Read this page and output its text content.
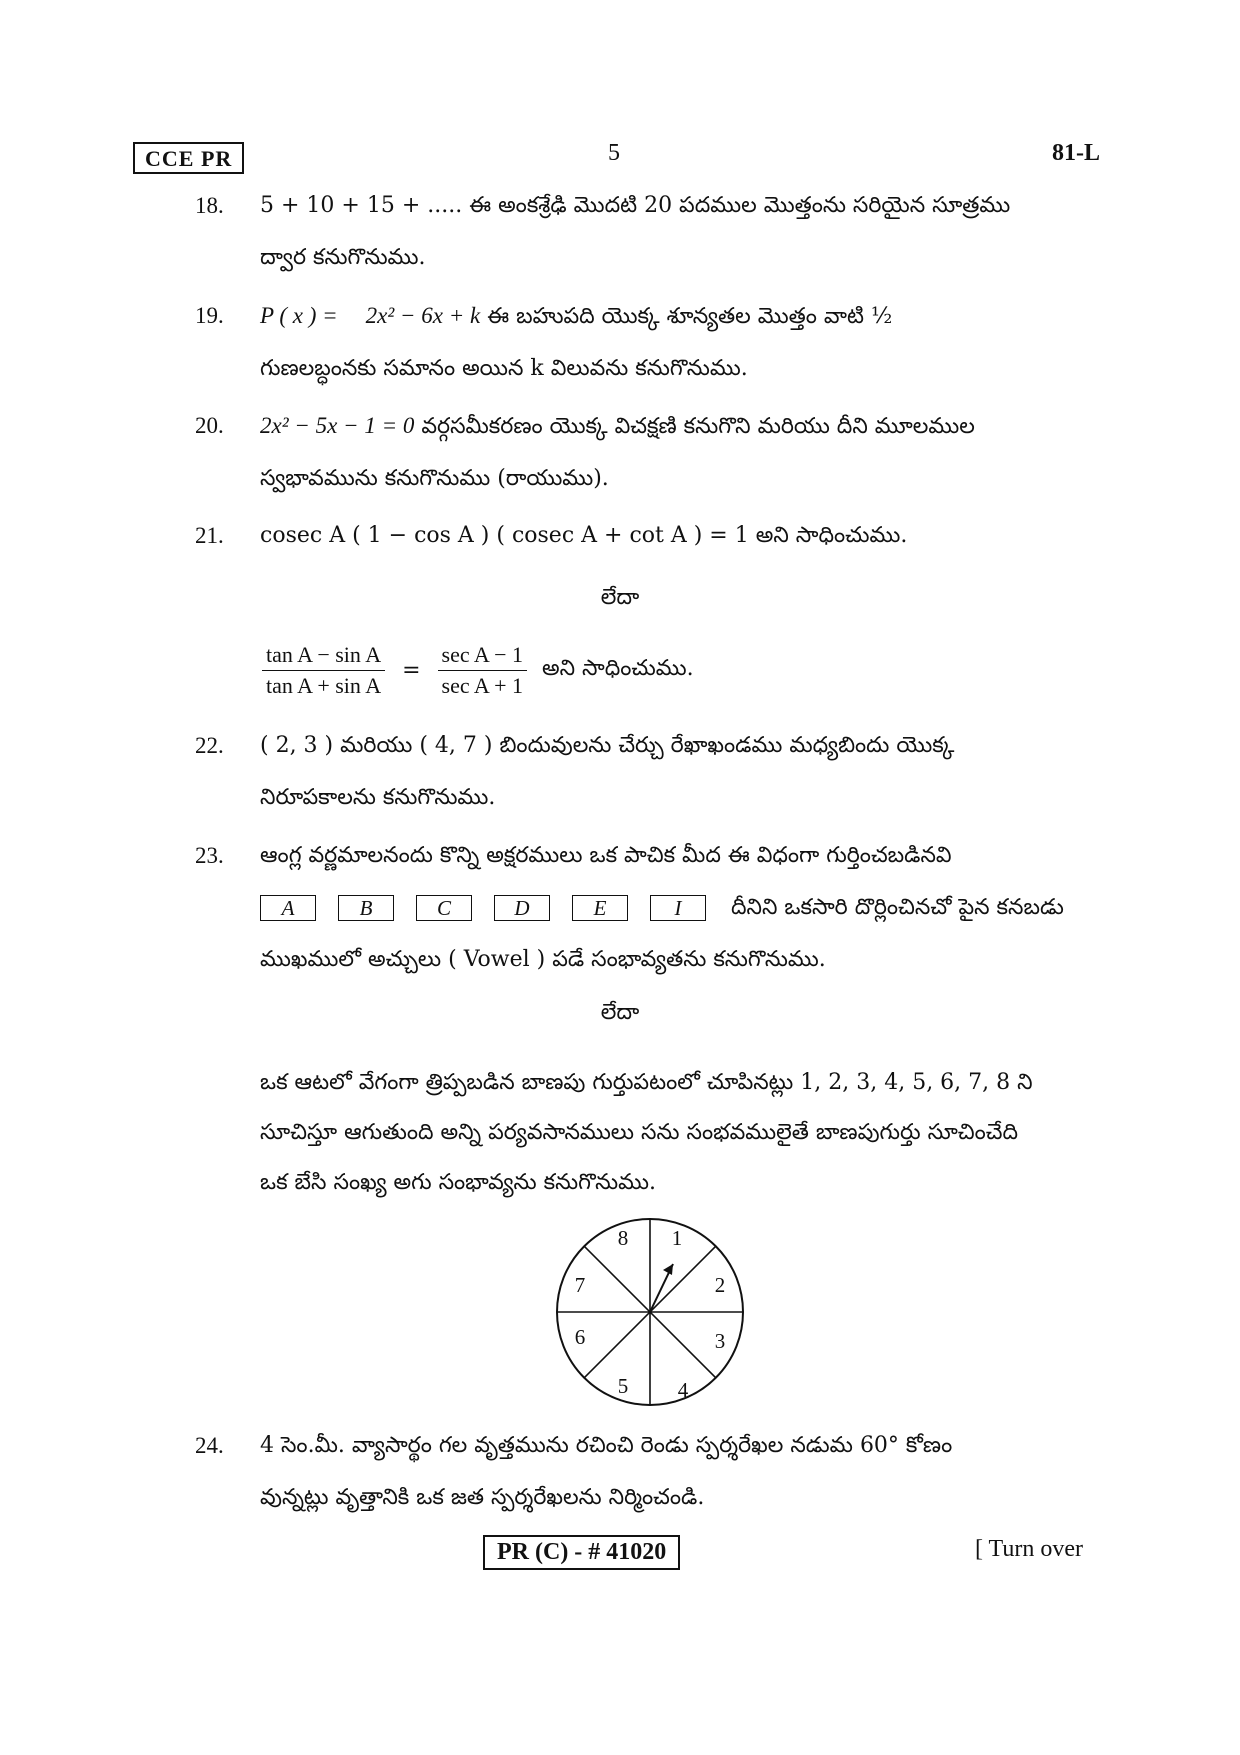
CCE PR	5	81-L
18.	5 + 10 + 15 + ..... ఈ అంకశ్రేఢి మొదటి 20 పదముల మొత్తంను సరియైన సూత్రము
ద్వార కనుగొనుము.
19.	P ( x ) = 2x² − 6x + k ఈ బహుపది యొక్క శూన్యతల మొత్తం వాటి ½
గుణలబ్ధంనకు సమానం అయిన k విలువను కనుగొనుము.
20.	2x² − 5x − 1 = 0 వర్గసమీకరణం యొక్క విచక్షణి కనుగొని మరియు దీని మూలముల
స్వభావమును కనుగొనుము (రాయుము).
21.	cosec A ( 1 − cos A ) ( cosec A + cot A ) = 1 అని సాధించుము.
లేదా
$\frac{\text{tan A − sin A}}{\text{tan A + sin A}} = \frac{\text{sec A − 1}}{\text{sec A + 1}}$ అని సాధించుము.
22.	( 2, 3 ) మరియు ( 4, 7 ) బిందువులను చేర్చు రేఖాఖండము మధ్యబిందు యొక్క
నిరూపకాలను కనుగొనుము.
23.	ఆంగ్ల వర్ణమాలనందు కొన్ని అక్షరములు ఒక పాచిక మీద ఈ విధంగా గుర్తించబడినవి
A	B	C	D	E	I	దీనిని ఒకసారి దొర్లించినచో పైన కనబడు
ముఖములో అచ్చులు ( Vowel ) పడే సంభావ్యతను కనుగొనుము.
లేదా
ఒక ఆటలో వేగంగా త్రిప్పబడిన బాణపు గుర్తుపటంలో చూపినట్లు 1, 2, 3, 4, 5, 6, 7, 8 ని
సూచిస్తూ ఆగుతుంది అన్ని పర్యవసానములు సను సంభవములైతే బాణపుగుర్తు సూచించేది
ఒక బేసి సంఖ్య అగు సంభావ్యను కనుగొనుము.
1
2
3
4
5
6
7
8
24.	4 సెం.మీ. వ్యాసార్థం గల వృత్తమును రచించి రెండు స్పర్శరేఖల నడుమ 60° కోణం
వున్నట్లు వృత్తానికి ఒక జత స్పర్శరేఖలను నిర్మించండి.
PR (C) - # 41020	[ Turn over
